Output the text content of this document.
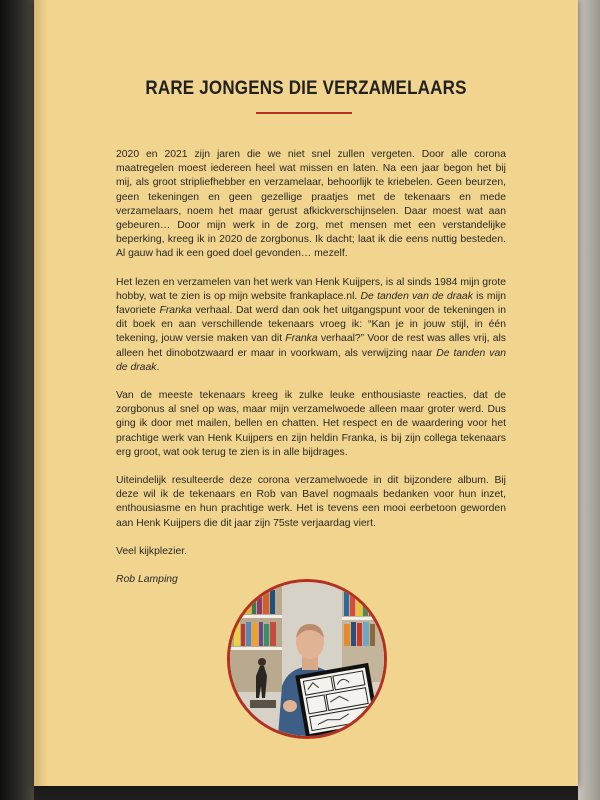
RARE JONGENS DIE VERZAMELAARS

2020 en 2021 zijn jaren die we niet snel zullen vergeten. Door alle corona maatregelen moest iedereen heel wat missen en laten. Na een jaar begon het bij mij, als groot stripliefhebber en verzamelaar, behoorlijk te kriebelen. Geen beurzen, geen tekeningen en geen gezellige praatjes met de tekenaars en mede verzamelaars, noem het maar gerust afkickverschijnselen. Daar moest wat aan gebeuren… Door mijn werk in de zorg, met mensen met een verstandelijke beperking, kreeg ik in 2020 de zorgbonus. Ik dacht; laat ik die eens nuttig besteden. Al gauw had ik een goed doel gevonden… mezelf.

Het lezen en verzamelen van het werk van Henk Kuijpers, is al sinds 1984 mijn grote hobby, wat te zien is op mijn website frankaplace.nl. De tanden van de draak is mijn favoriete Franka verhaal. Dat werd dan ook het uitgangspunt voor de tekeningen in dit boek en aan verschillende tekenaars vroeg ik: “Kan je in jouw stijl, in één tekening, jouw versie maken van dit Franka verhaal?” Voor de rest was alles vrij, als alleen het dinobotzwaard er maar in voorkwam, als verwijzing naar De tanden van de draak.

Van de meeste tekenaars kreeg ik zulke leuke enthousiaste reacties, dat de zorgbonus al snel op was, maar mijn verzamelwoede alleen maar groter werd. Dus ging ik door met mailen, bellen en chatten. Het respect en de waardering voor het prachtige werk van Henk Kuijpers en zijn heldin Franka, is bij zijn collega tekenaars erg groot, wat ook terug te zien is in alle bijdrages.

Uiteindelijk resulteerde deze corona verzamelwoede in dit bijzondere album. Bij deze wil ik de tekenaars en Rob van Bavel nogmaals bedanken voor hun inzet, enthousiasme en hun prachtige werk. Het is tevens een mooi eerbetoon geworden aan Henk Kuijpers die dit jaar zijn 75ste verjaardag viert.

Veel kijkplezier.

Rob Lamping
